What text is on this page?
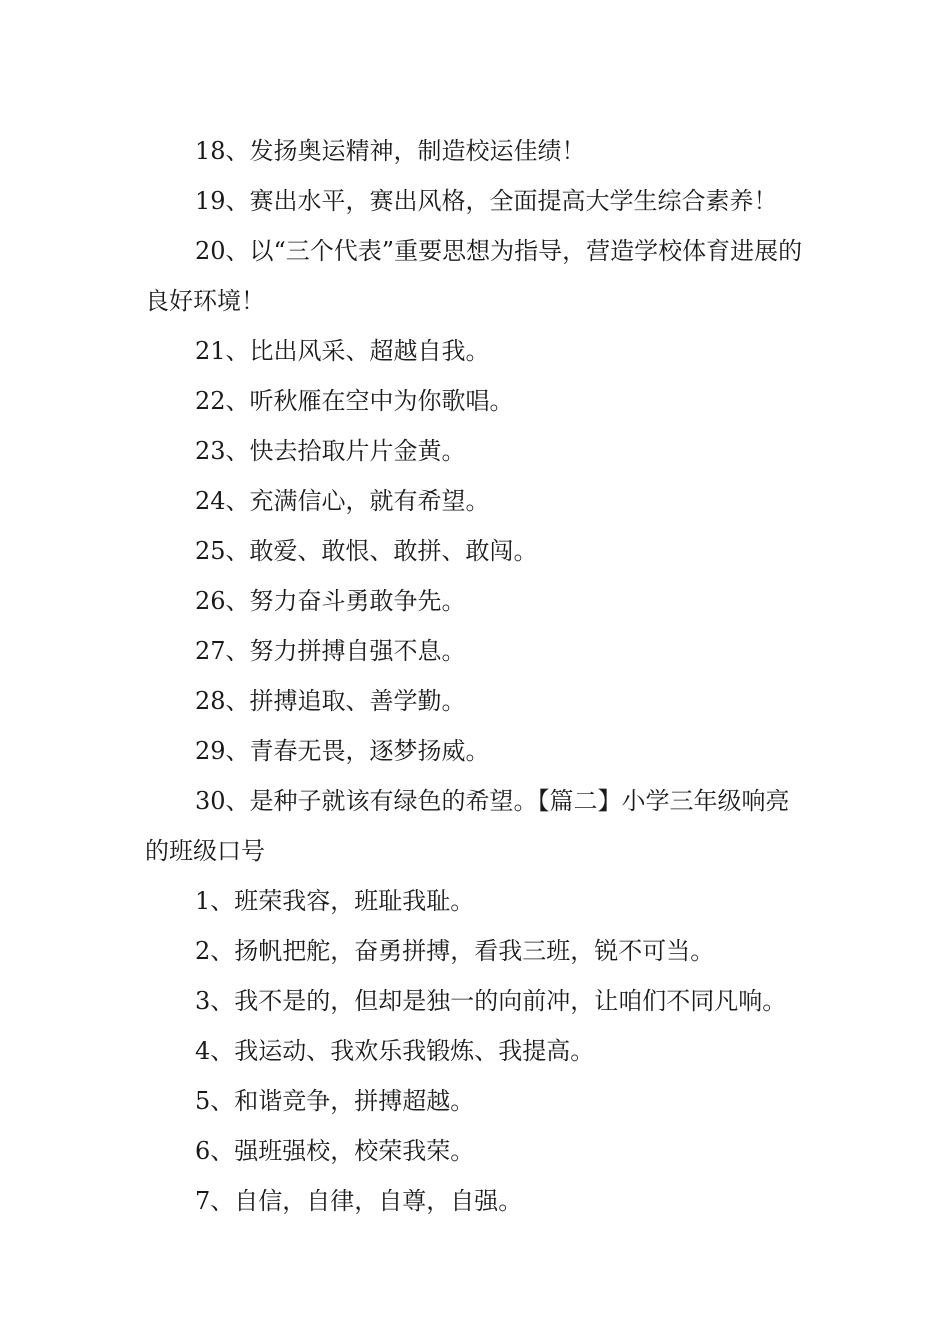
18、发扬奥运精神，制造校运佳绩！

19、赛出水平，赛出风格，全面提高大学生综合素养！

20、以“三个代表”重要思想为指导，营造学校体育进展的良好环境！

21、比出风采、超越自我。

22、听秋雁在空中为你歌唱。

23、快去拾取片片金黄。

24、充满信心，就有希望。

25、敢爱、敢恨、敢拼、敢闯。

26、努力奋斗勇敢争先。

27、努力拼搏自强不息。

28、拼搏追取、善学勤。

29、青春无畏，逐梦扬威。

30、是种子就该有绿色的希望。【篇二】小学三年级响亮的班级口号

1、班荣我容，班耻我耻。

2、扬帆把舵，奋勇拼搏，看我三班，锐不可当。

3、我不是的，但却是独一的向前冲，让咱们不同凡响。

4、我运动、我欢乐我锻炼、我提高。

5、和谐竞争，拼搏超越。

6、强班强校，校荣我荣。

7、自信，自律，自尊，自强。
